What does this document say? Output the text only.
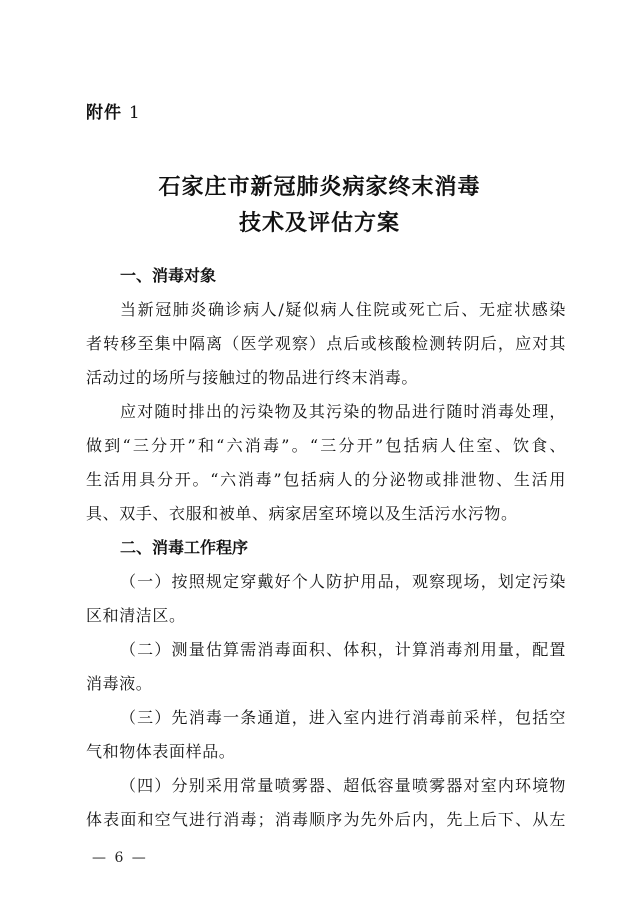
附件 1
石家庄市新冠肺炎病家终末消毒
技术及评估方案
一、消毒对象
当新冠肺炎确诊病人/疑似病人住院或死亡后、无症状感染
者转移至集中隔离（医学观察）点后或核酸检测转阴后，应对其
活动过的场所与接触过的物品进行终末消毒。
应对随时排出的污染物及其污染的物品进行随时消毒处理，
做到“三分开”和“六消毒”。“三分开”包括病人住室、饮食、
生活用具分开。“六消毒”包括病人的分泌物或排泄物、生活用
具、双手、衣服和被单、病家居室环境以及生活污水污物。
二、消毒工作程序
（一）按照规定穿戴好个人防护用品，观察现场，划定污染
区和清洁区。
（二）测量估算需消毒面积、体积，计算消毒剂用量，配置
消毒液。
（三）先消毒一条通道，进入室内进行消毒前采样，包括空
气和物体表面样品。
（四）分别采用常量喷雾器、超低容量喷雾器对室内环境物
体表面和空气进行消毒；消毒顺序为先外后内，先上后下、从左
— 6 —
